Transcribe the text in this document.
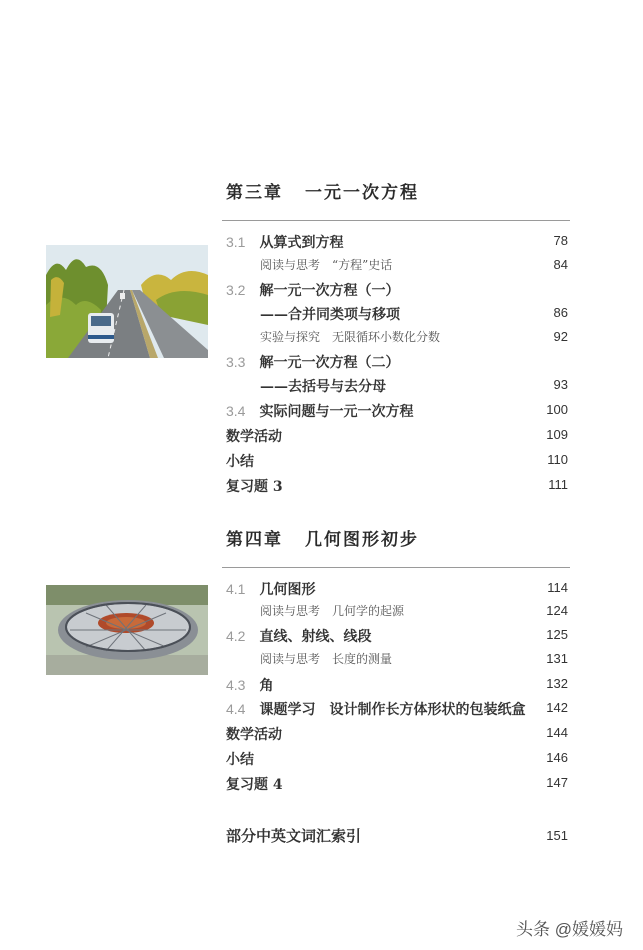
第三章 一元一次方程
3.1 从算式到方程	78
阅读与思考　“方程”史话	84
3.2 解一元一次方程（一）
——合并同类项与移项	86
实验与探究　无限循环小数化分数	92
3.3 解一元一次方程（二）
——去括号与去分母	93
3.4 实际问题与一元一次方程	100
数学活动	109
小结	110
复习题 3	111
第四章 几何图形初步
4.1 几何图形	114
阅读与思考　几何学的起源	124
4.2 直线、射线、线段	125
阅读与思考　长度的测量	131
4.3 角	132
4.4 课题学习　设计制作长方体形状的包装纸盒 142
数学活动	144
小结	146
复习题 4	147
部分中英文词汇索引	151
头条 @媛媛妈
